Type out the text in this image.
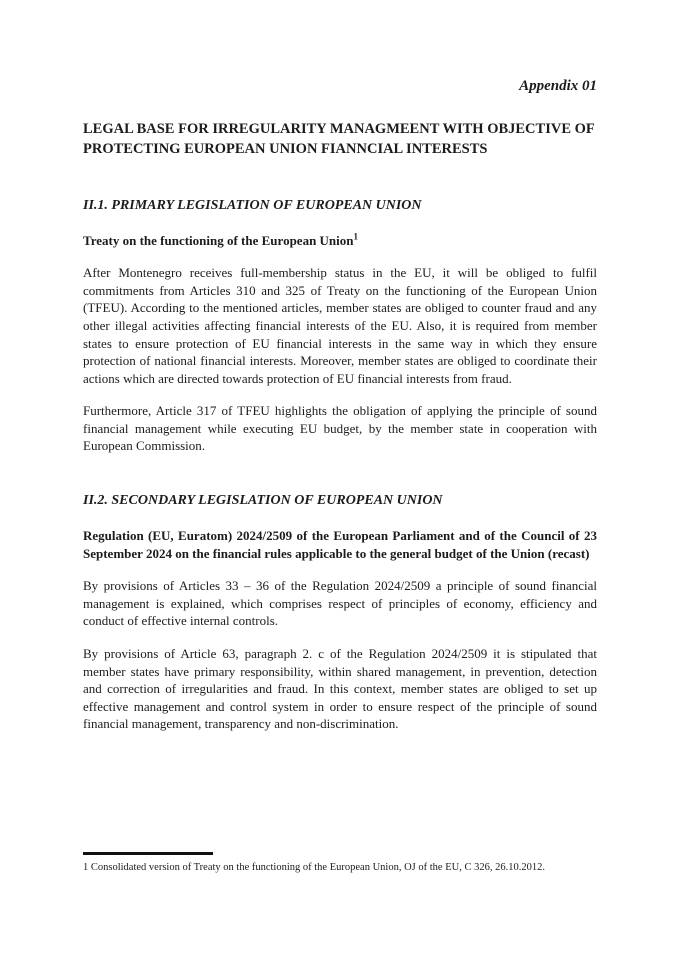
Appendix 01
LEGAL BASE FOR IRREGULARITY MANAGMEENT WITH OBJECTIVE OF PROTECTING EUROPEAN UNION FIANNCIAL INTERESTS
II.1. PRIMARY LEGISLATION OF EUROPEAN UNION

Treaty on the functioning of the European Union$^1$

After Montenegro receives full-membership status in the EU, it will be obliged to fulfil commitments from Articles 310 and 325 of Treaty on the functioning of the European Union (TFEU). According to the mentioned articles, member states are obliged to counter fraud and any other illegal activities affecting financial interests of the EU. Also, it is required from member states to ensure protection of EU financial interests in the same way in which they ensure protection of national financial interests. Moreover, member states are obliged to coordinate their actions which are directed towards protection of EU financial interests from fraud.

Furthermore, Article 317 of TFEU highlights the obligation of applying the principle of sound financial management while executing EU budget, by the member state in cooperation with European Commission.

II.2. SECONDARY LEGISLATION OF EUROPEAN UNION

Regulation (EU, Euratom) 2024/2509 of the European Parliament and of the Council of 23 September 2024 on the financial rules applicable to the general budget of the Union (recast)

By provisions of Articles 33 – 36 of the Regulation 2024/2509 a principle of sound financial management is explained, which comprises respect of principles of economy, efficiency and conduct of effective internal controls.

By provisions of Article 63, paragraph 2. c of the Regulation 2024/2509 it is stipulated that member states have primary responsibility, within shared management, in prevention, detection and correction of irregularities and fraud. In this context, member states are obliged to set up effective management and control system in order to ensure respect of the principle of sound financial management, transparency and non-discrimination.

1 Consolidated version of Treaty on the functioning of the European Union, OJ of the EU, C 326, 26.10.2012.
